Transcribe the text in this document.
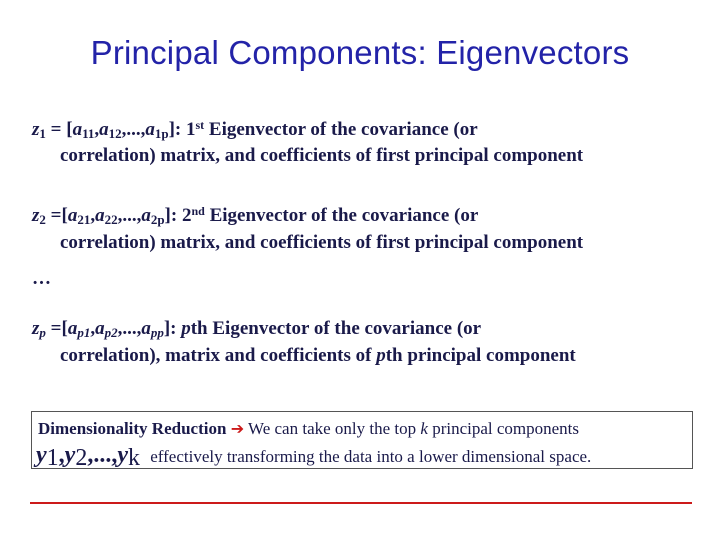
Principal Components: Eigenvectors
$z_1 = [a_{11},a_{12},...,a_{1p}]$: 1st Eigenvector of the covariance (or
correlation) matrix, and coefficients of first principal component
$z_2 =[a_{21},a_{22},...,a_{2p}]$: 2nd Eigenvector of the covariance (or
correlation) matrix, and coefficients of first principal component
…
$z_p =[a_{p1},a_{p2},...,a_{pp}]$: pth Eigenvector of the covariance (or
correlation), matrix and coefficients of pth principal component
Dimensionality Reduction ➔ We can take only the top k principal components
$y_1,y_2,...,y_k$ effectively transforming the data into a lower dimensional space.
